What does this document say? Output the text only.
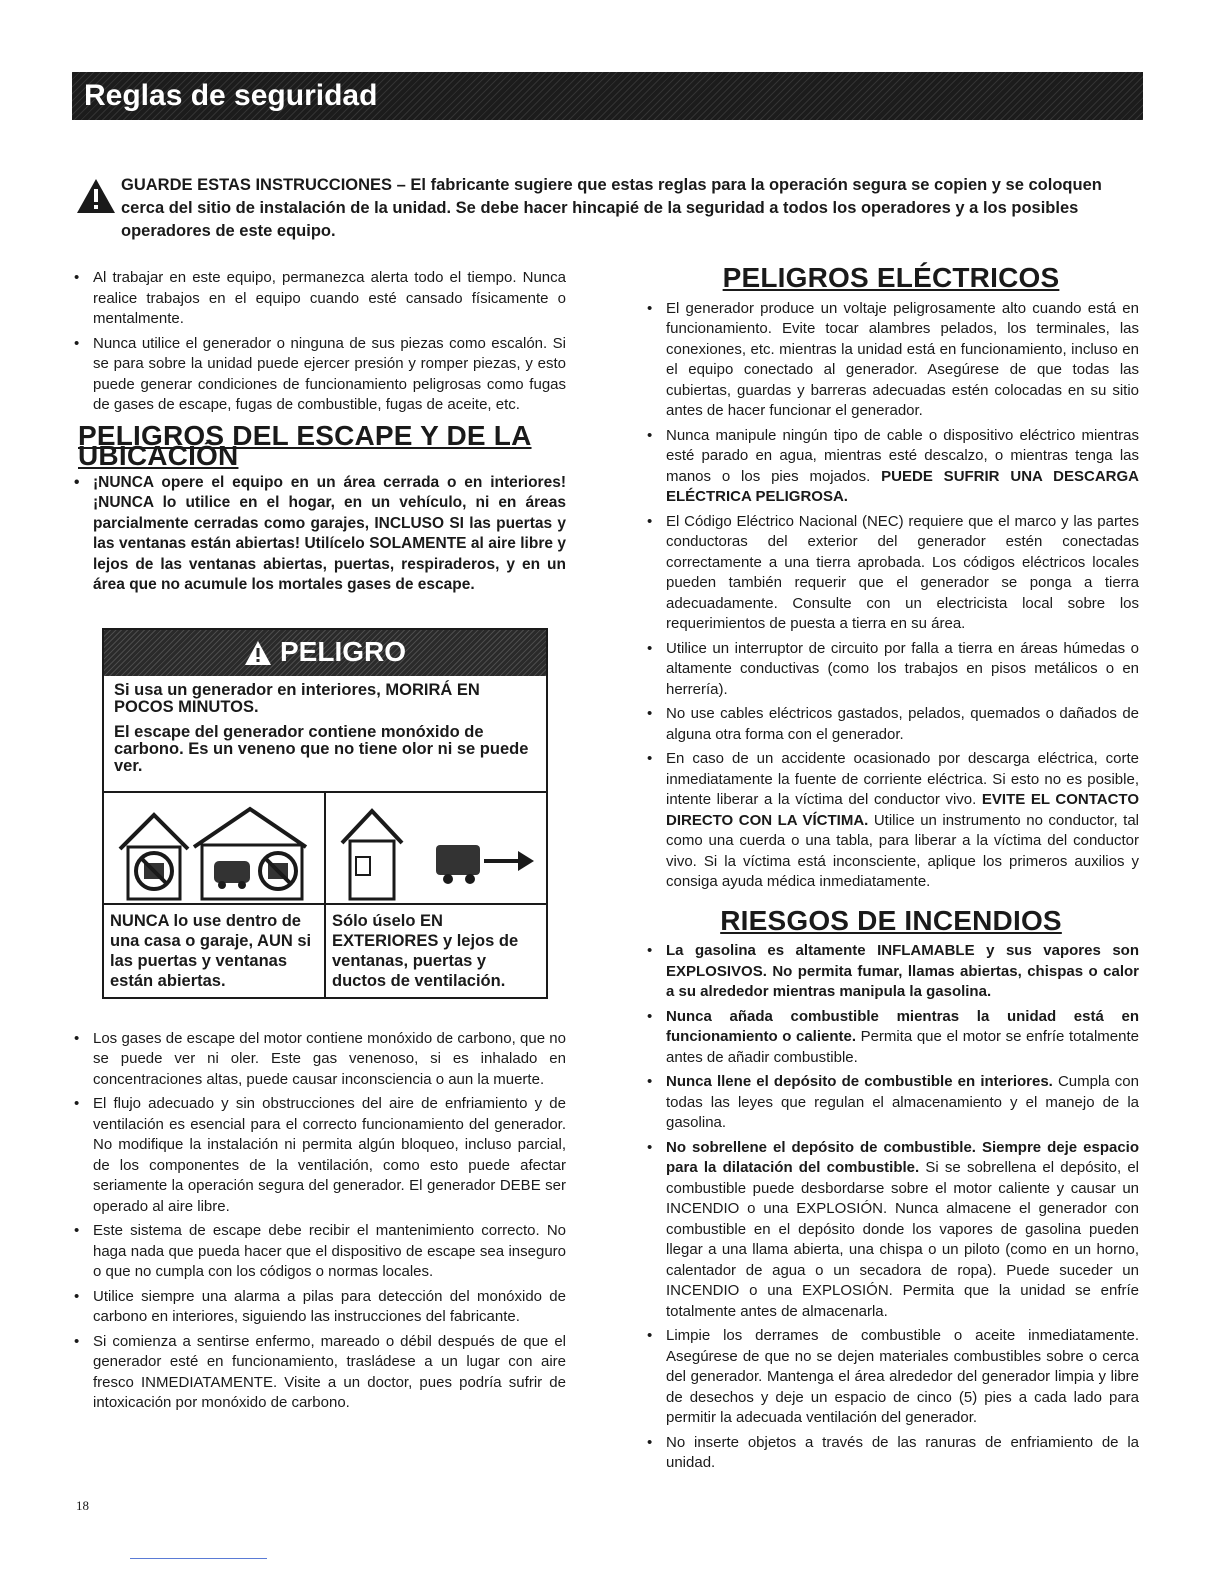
Reglas de seguridad

GUARDE ESTAS INSTRUCCIONES – El fabricante sugiere que estas reglas para la operación segura se copien y se coloquen cerca del sitio de instalación de la unidad. Se debe hacer hincapié de la seguridad a todos los operadores y a los posibles operadores de este equipo.

• Al trabajar en este equipo, permanezca alerta todo el tiempo. Nunca realice trabajos en el equipo cuando esté cansado físicamente o mentalmente.
• Nunca utilice el generador o ninguna de sus piezas como escalón. Si se para sobre la unidad puede ejercer presión y romper piezas, y esto puede generar condiciones de funcionamiento peligrosas como fugas de gases de escape, fugas de combustible, fugas de aceite, etc.
PELIGROS DEL ESCAPE Y DE LA UBICACIÓN
• ¡NUNCA opere el equipo en un área cerrada o en interiores! ¡NUNCA lo utilice en el hogar, en un vehículo, ni en áreas parcialmente cerradas como garajes, INCLUSO SI las puertas y las ventanas están abiertas! Utilícelo SOLAMENTE al aire libre y lejos de las ventanas abiertas, puertas, respiraderos, y en un área que no acumule los mortales gases de escape.
PELIGRO

Si usa un generador en interiores, MORIRÁ EN POCOS MINUTOS.

El escape del generador contiene monóxido de carbono. Es un veneno que no tiene olor ni se puede ver.

NUNCA lo use dentro de una casa o garaje, AUN si las puertas y ventanas están abiertas.
Sólo úselo EN EXTERIORES y lejos de ventanas, puertas y ductos de ventilación.
• Los gases de escape del motor contiene monóxido de carbono, que no se puede ver ni oler. Este gas venenoso, si es inhalado en concentraciones altas, puede causar inconsciencia o aun la muerte.
• El flujo adecuado y sin obstrucciones del aire de enfriamiento y de ventilación es esencial para el correcto funcionamiento del generador. No modifique la instalación ni permita algún bloqueo, incluso parcial, de los componentes de la ventilación, como esto puede afectar seriamente la operación segura del generador. El generador DEBE ser operado al aire libre.
• Este sistema de escape debe recibir el mantenimiento correcto. No haga nada que pueda hacer que el dispositivo de escape sea inseguro o que no cumpla con los códigos o normas locales.
• Utilice siempre una alarma a pilas para detección del monóxido de carbono en interiores, siguiendo las instrucciones del fabricante.
• Si comienza a sentirse enfermo, mareado o débil después de que el generador esté en funcionamiento, trasládese a un lugar con aire fresco INMEDIATAMENTE. Visite a un doctor, pues podría sufrir de intoxicación por monóxido de carbono.
PELIGROS ELÉCTRICOS
• El generador produce un voltaje peligrosamente alto cuando está en funcionamiento. Evite tocar alambres pelados, los terminales, las conexiones, etc. mientras la unidad está en funcionamiento, incluso en el equipo conectado al generador. Asegúrese de que todas las cubiertas, guardas y barreras adecuadas estén colocadas en su sitio antes de hacer funcionar el generador.
• Nunca manipule ningún tipo de cable o dispositivo eléctrico mientras esté parado en agua, mientras esté descalzo, o mientras tenga las manos o los pies mojados. PUEDE SUFRIR UNA DESCARGA ELÉCTRICA PELIGROSA.
• El Código Eléctrico Nacional (NEC) requiere que el marco y las partes conductoras del exterior del generador estén conectadas correctamente a una tierra aprobada. Los códigos eléctricos locales pueden también requerir que el generador se ponga a tierra adecuadamente. Consulte con un electricista local sobre los requerimientos de puesta a tierra en su área.
• Utilice un interruptor de circuito por falla a tierra en áreas húmedas o altamente conductivas (como los trabajos en pisos metálicos o en herrería).
• No use cables eléctricos gastados, pelados, quemados o dañados de alguna otra forma con el generador.
• En caso de un accidente ocasionado por descarga eléctrica, corte inmediatamente la fuente de corriente eléctrica. Si esto no es posible, intente liberar a la víctima del conductor vivo. EVITE EL CONTACTO DIRECTO CON LA VÍCTIMA. Utilice un instrumento no conductor, tal como una cuerda o una tabla, para liberar a la víctima del conductor vivo. Si la víctima está inconsciente, aplique los primeros auxilios y consiga ayuda médica inmediatamente.
RIESGOS DE INCENDIOS
• La gasolina es altamente INFLAMABLE y sus vapores son EXPLOSIVOS. No permita fumar, llamas abiertas, chispas o calor a su alrededor mientras manipula la gasolina.
• Nunca añada combustible mientras la unidad está en funcionamiento o caliente. Permita que el motor se enfríe totalmente antes de añadir combustible.
• Nunca llene el depósito de combustible en interiores. Cumpla con todas las leyes que regulan el almacenamiento y el manejo de la gasolina.
• No sobrellene el depósito de combustible. Siempre deje espacio para la dilatación del combustible. Si se sobrellena el depósito, el combustible puede desbordarse sobre el motor caliente y causar un INCENDIO o una EXPLOSIÓN. Nunca almacene el generador con combustible en el depósito donde los vapores de gasolina pueden llegar a una llama abierta, una chispa o un piloto (como en un horno, calentador de agua o un secadora de ropa). Puede suceder un INCENDIO o una EXPLOSIÓN. Permita que la unidad se enfríe totalmente antes de almacenarla.
• Limpie los derrames de combustible o aceite inmediatamente. Asegúrese de que no se dejen materiales combustibles sobre o cerca del generador. Mantenga el área alrededor del generador limpia y libre de desechos y deje un espacio de cinco (5) pies a cada lado para permitir la adecuada ventilación del generador.
• No inserte objetos a través de las ranuras de enfriamiento de la unidad.
18
